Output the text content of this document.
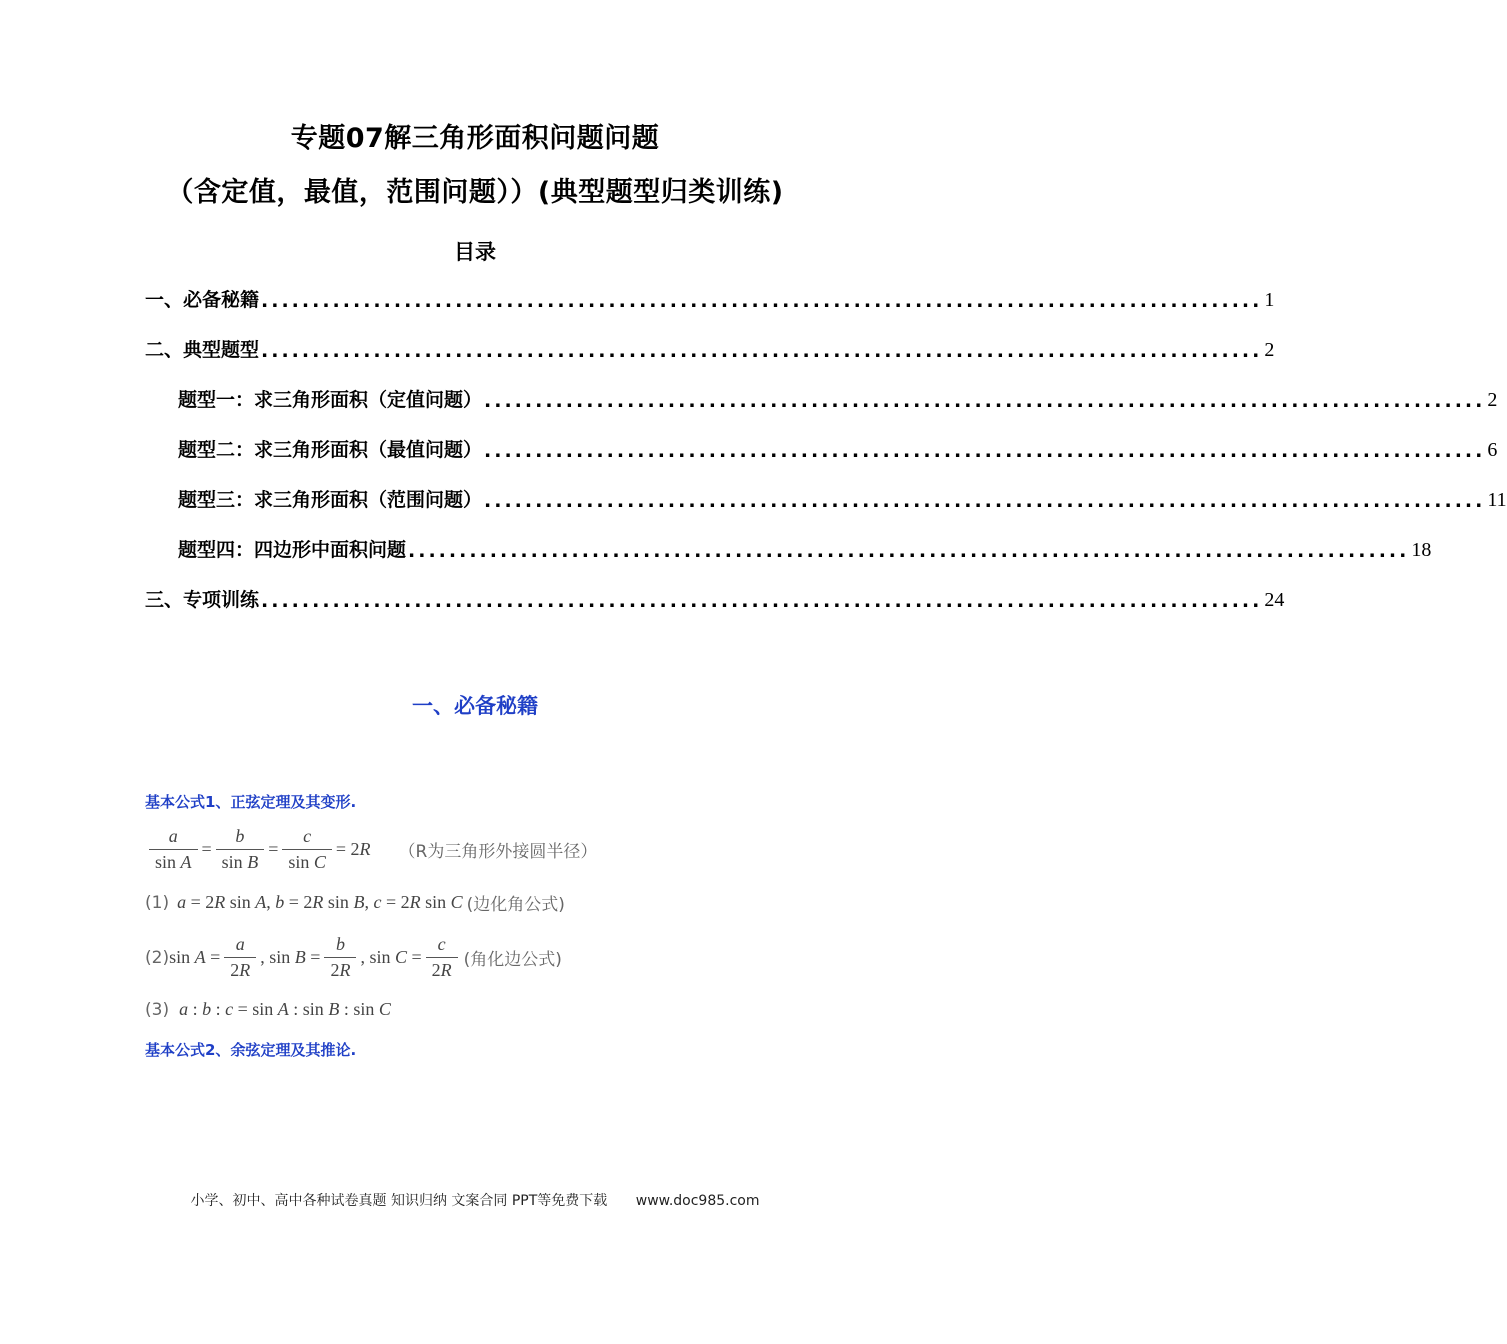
专题07解三角形面积问题问题
（含定值，最值，范围问题））(典型题型归类训练)
目录
一、必备秘籍 .................................................................................................. 1
二、典型题型 .................................................................................................. 2
题型一：求三角形面积（定值问题） .................................................................................................. 2
题型二：求三角形面积（最值问题） .................................................................................................. 6
题型三：求三角形面积（范围问题） .................................................................................................. 11
题型四：四边形中面积问题 .................................................................................................. 18
三、专项训练 .................................................................................................. 24
一、必备秘籍
基本公式1、正弦定理及其变形.
$\frac{a}{\text{sin A}} = \frac{b}{\text{sin B}} = \frac{c}{\text{sin C}} = 2R$ （R为三角形外接圆半径）
(1) a = 2R sin A, b = 2R sin B, c = 2R sin C (边化角公式)
(2) $\sin A = \frac{a}{2R}$ , $\sin B = \frac{b}{2R}$ , $\sin C = \frac{c}{2R}$ (角化边公式)
(3) a : b : c = sin A : sin B : sin C
基本公式2、余弦定理及其推论.
小学、初中、高中各种试卷真题 知识归纳 文案合同 PPT等免费下载 www.doc985.com
